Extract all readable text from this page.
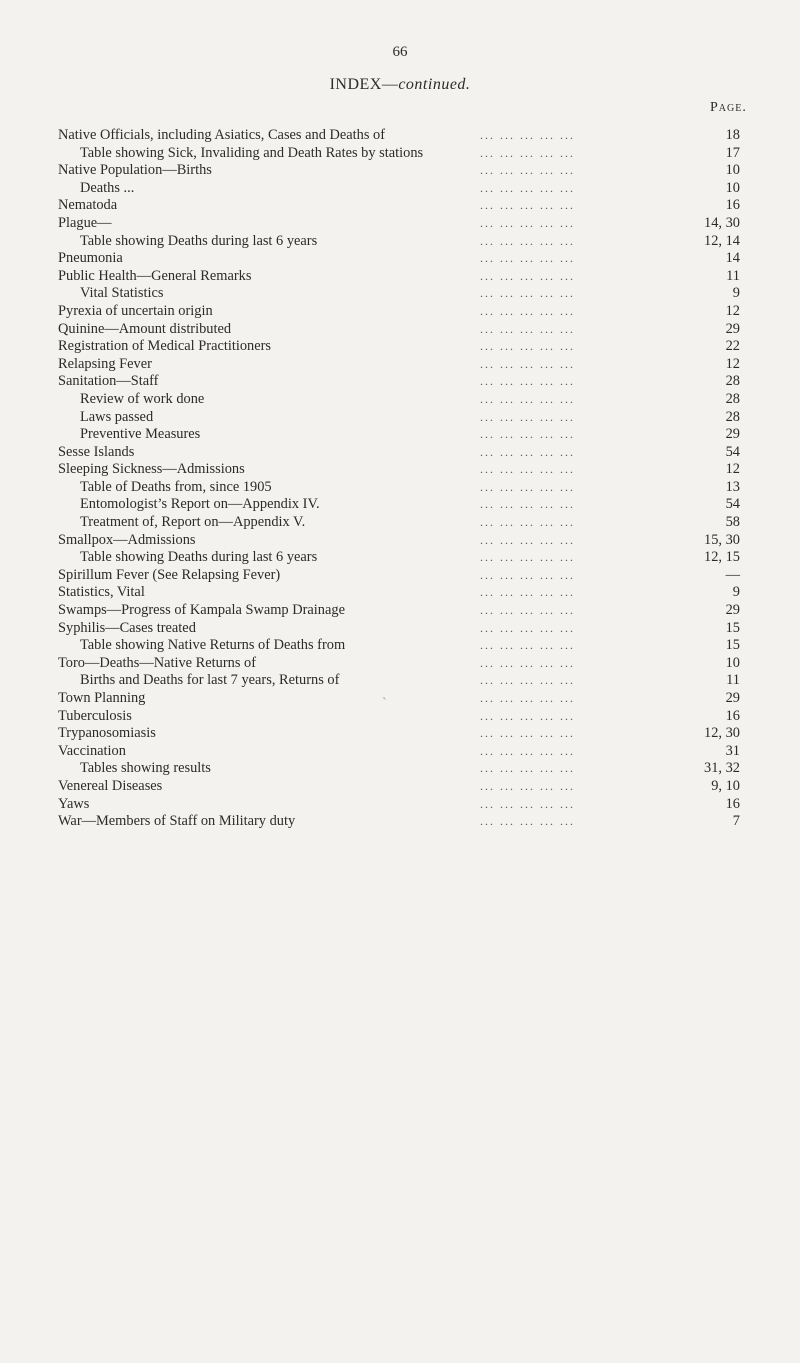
66
INDEX—continued.
Page.
Native Officials, including Asiatics, Cases and Deaths of	... ... ... ... ...	18
Table showing Sick, Invaliding and Death Rates by stations	... ... ... ... ...	17
Native Population—Births	... ... ... ... ...	10
Deaths ...	... ... ... ... ...	10
Nematoda	... ... ... ... ...	16
Plague—	... ... ... ... ...	14, 30
Table showing Deaths during last 6 years	... ... ... ... ...	12, 14
Pneumonia	... ... ... ... ...	14
Public Health—General Remarks	... ... ... ... ...	11
Vital Statistics	... ... ... ... ...	9
Pyrexia of uncertain origin	... ... ... ... ...	12
Quinine—Amount distributed	... ... ... ... ...	29
Registration of Medical Practitioners	... ... ... ... ...	22
Relapsing Fever	... ... ... ... ...	12
Sanitation—Staff	... ... ... ... ...	28
Review of work done	... ... ... ... ...	28
Laws passed	... ... ... ... ...	28
Preventive Measures	... ... ... ... ...	29
Sesse Islands	... ... ... ... ...	54
Sleeping Sickness—Admissions	... ... ... ... ...	12
Table of Deaths from, since 1905	... ... ... ... ...	13
Entomologist’s Report on—Appendix IV.	... ... ... ... ...	54
Treatment of, Report on—Appendix V.	... ... ... ... ...	58
Smallpox—Admissions	... ... ... ... ...	15, 30
Table showing Deaths during last 6 years	... ... ... ... ...	12, 15
Spirillum Fever (See Relapsing Fever)	... ... ... ... ...	—
Statistics, Vital	... ... ... ... ...	9
Swamps—Progress of Kampala Swamp Drainage	... ... ... ... ...	29
Syphilis—Cases treated	... ... ... ... ...	15
Table showing Native Returns of Deaths from	... ... ... ... ...	15
Toro—Deaths—Native Returns of	... ... ... ... ...	10
Births and Deaths for last 7 years, Returns of	... ... ... ... ...	11
Town Planning	... ... ... ... ...	29
Tuberculosis	... ... ... ... ...	16
Trypanosomiasis	... ... ... ... ...	12, 30
Vaccination	... ... ... ... ...	31
Tables showing results	... ... ... ... ...	31, 32
Venereal Diseases	... ... ... ... ...	9, 10
Yaws	... ... ... ... ...	16
War—Members of Staff on Military duty	... ... ... ... ...	7
˴
